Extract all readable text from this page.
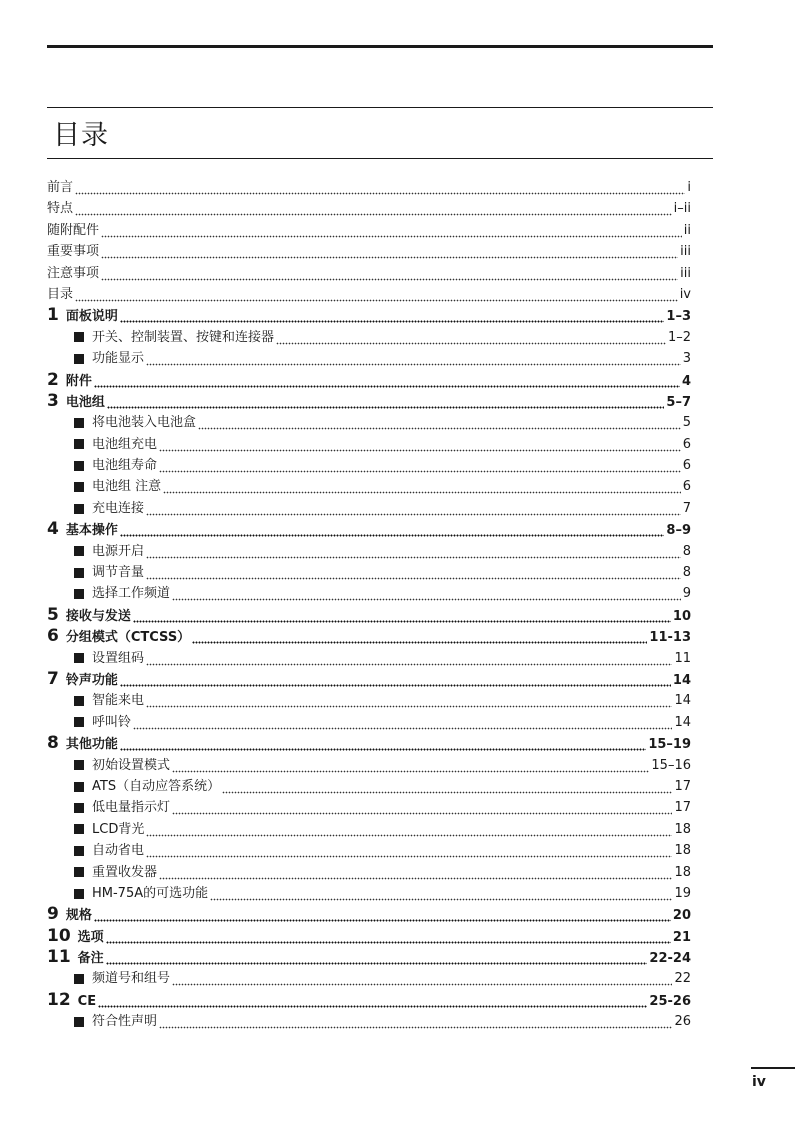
目录
前言	i
特点	i–ii
随附配件	ii
重要事项	iii
注意事项	iii
目录	iv
1 面板说明	1–3
开关、控制装置、按键和连接器	1–2
功能显示	3
2 附件	4
3 电池组	5–7
将电池装入电池盒	5
电池组充电	6
电池组寿命	6
电池组 注意	6
充电连接	7
4 基本操作	8–9
电源开启	8
调节音量	8
选择工作频道	9
5 接收与发送	10
6 分组模式（CTCSS）	11-13
设置组码	11
7 铃声功能	14
智能来电	14
呼叫铃	14
8 其他功能	15–19
初始设置模式	15–16
ATS（自动应答系统）	17
低电量指示灯	17
LCD背光	18
自动省电	18
重置收发器	18
HM-75A的可选功能	19
9 规格	20
10 选项	21
11 备注	22-24
频道号和组号	22
12 CE	25-26
符合性声明	26
iv
